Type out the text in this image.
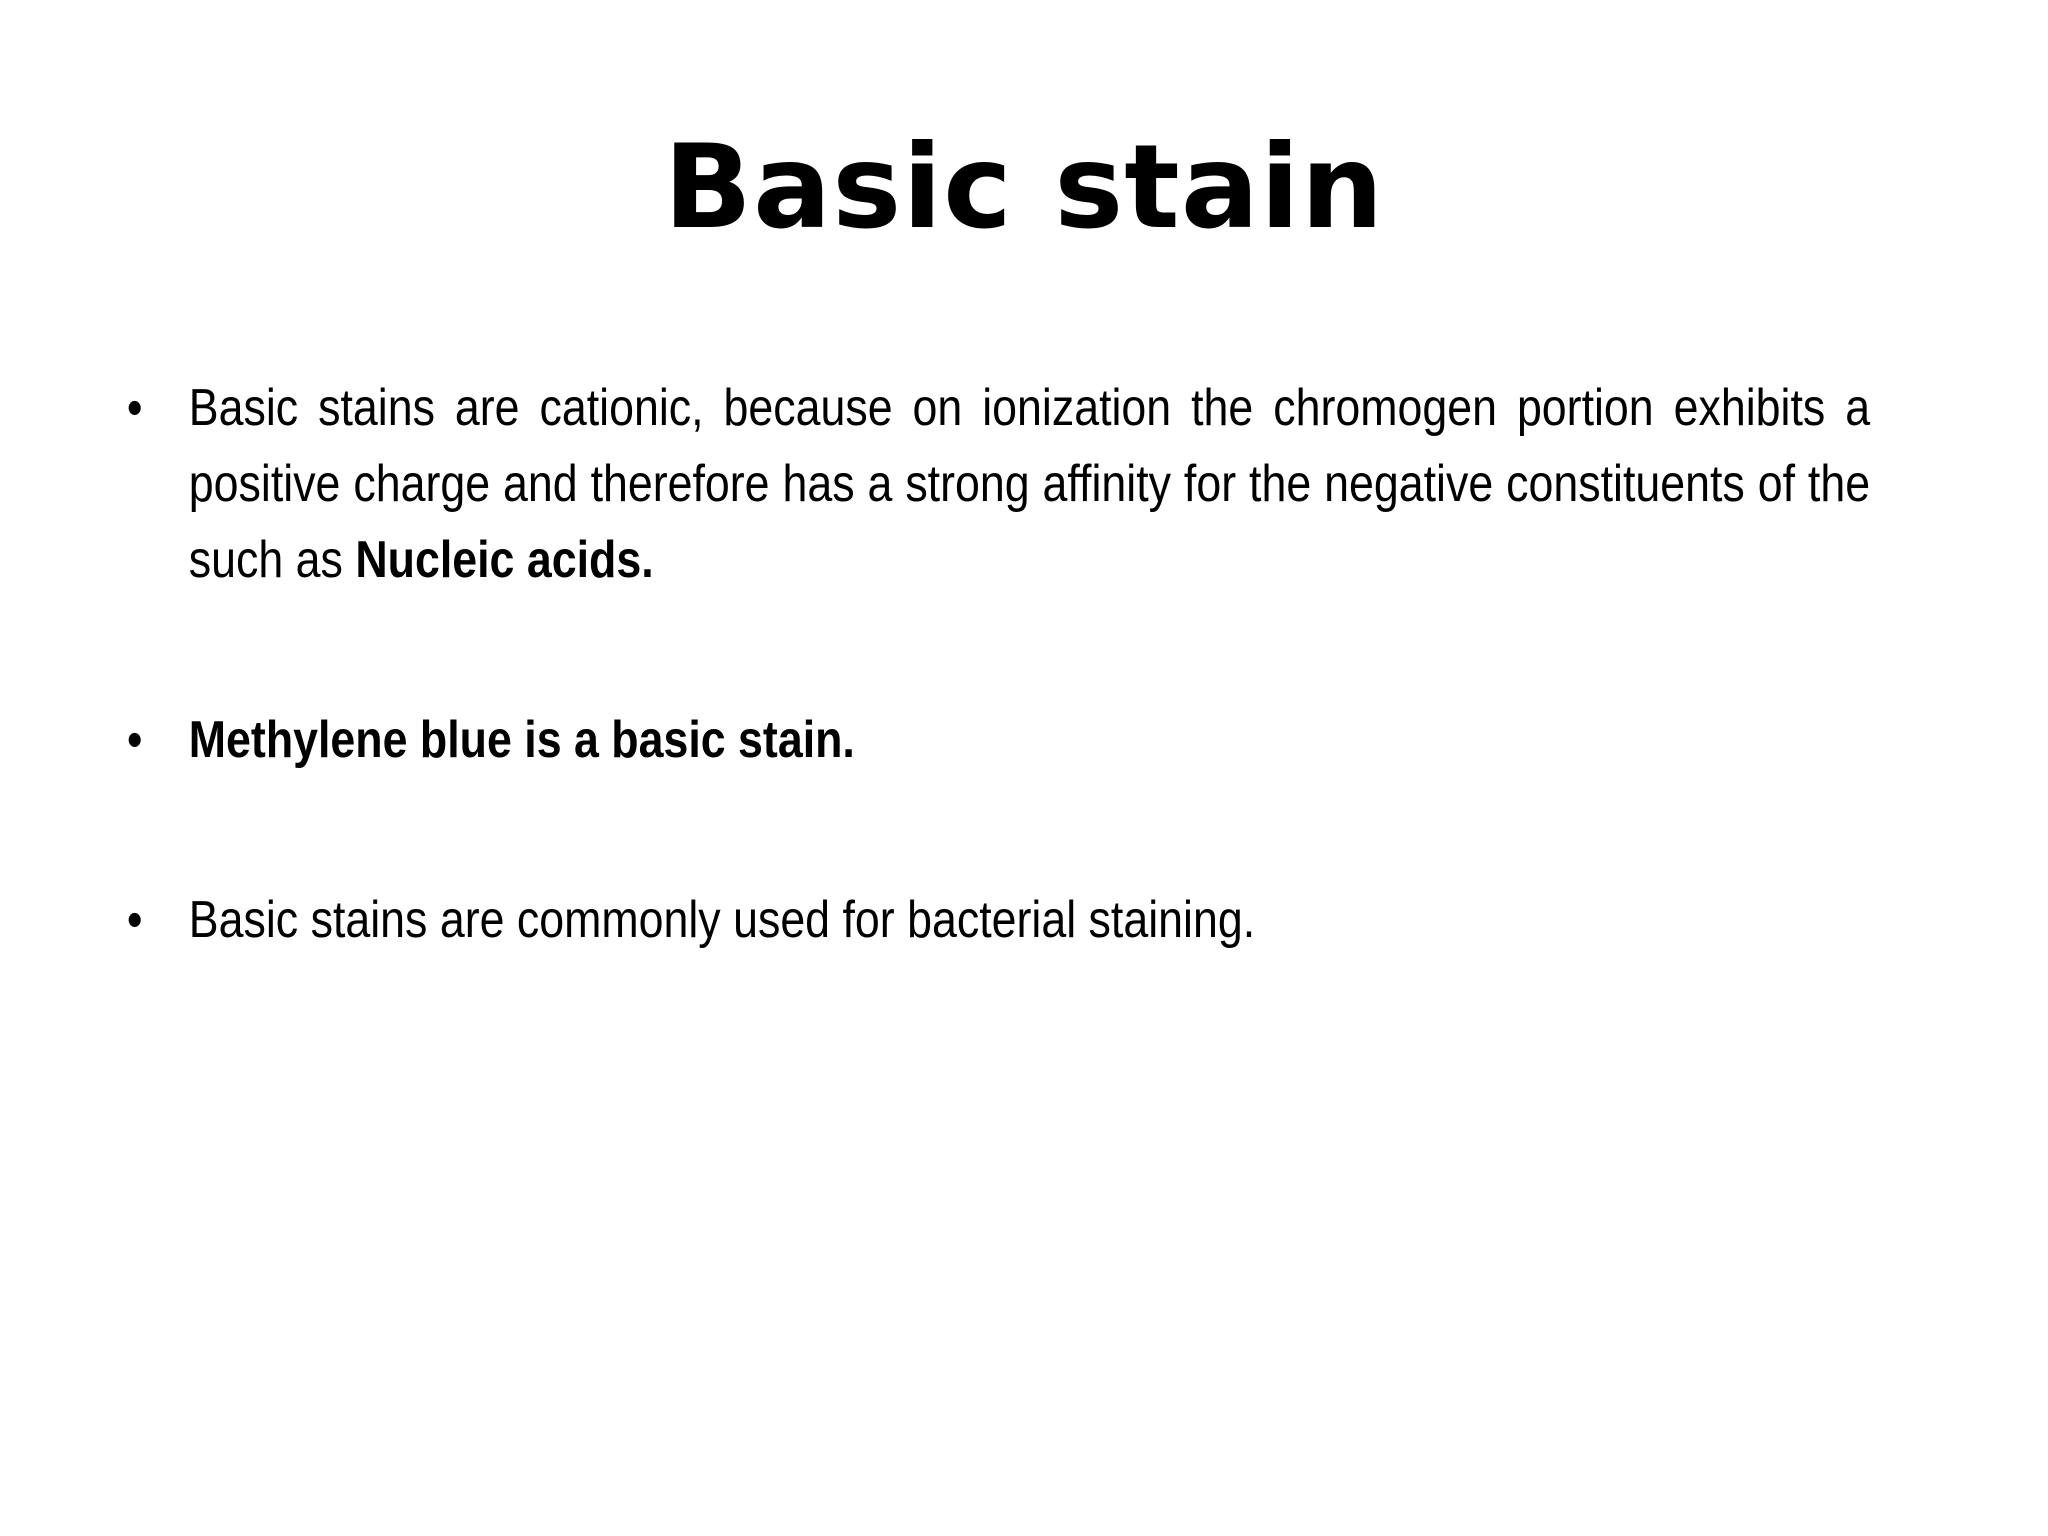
Basic stain
• Basic stains are cationic, because on ionization the chromogen portion exhibits a positive charge and therefore has a strong affinity for the negative constituents of the such as Nucleic acids.
• Methylene blue is a basic stain.
• Basic stains are commonly used for bacterial staining.
